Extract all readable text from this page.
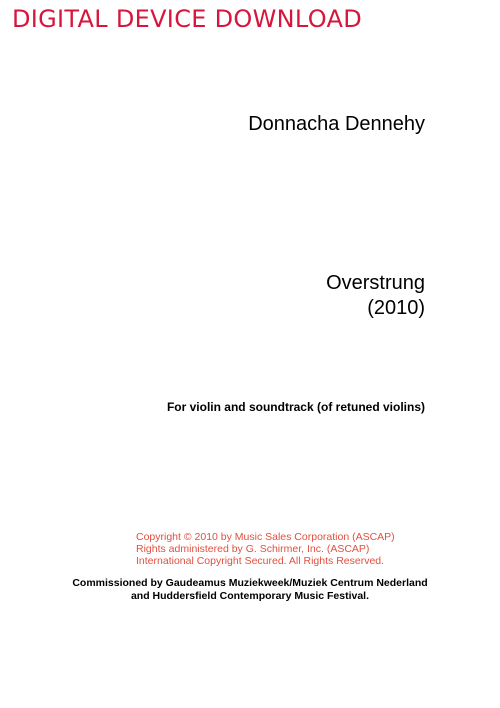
DIGITAL DEVICE DOWNLOAD
Donnacha Dennehy
Overstrung
(2010)
For violin and soundtrack (of retuned violins)
Copyright © 2010 by Music Sales Corporation (ASCAP)
Rights administered by G. Schirmer, Inc. (ASCAP)
International Copyright Secured. All Rights Reserved.
Commissioned by Gaudeamus Muziekweek/Muziek Centrum Nederland
and Huddersfield Contemporary Music Festival.
